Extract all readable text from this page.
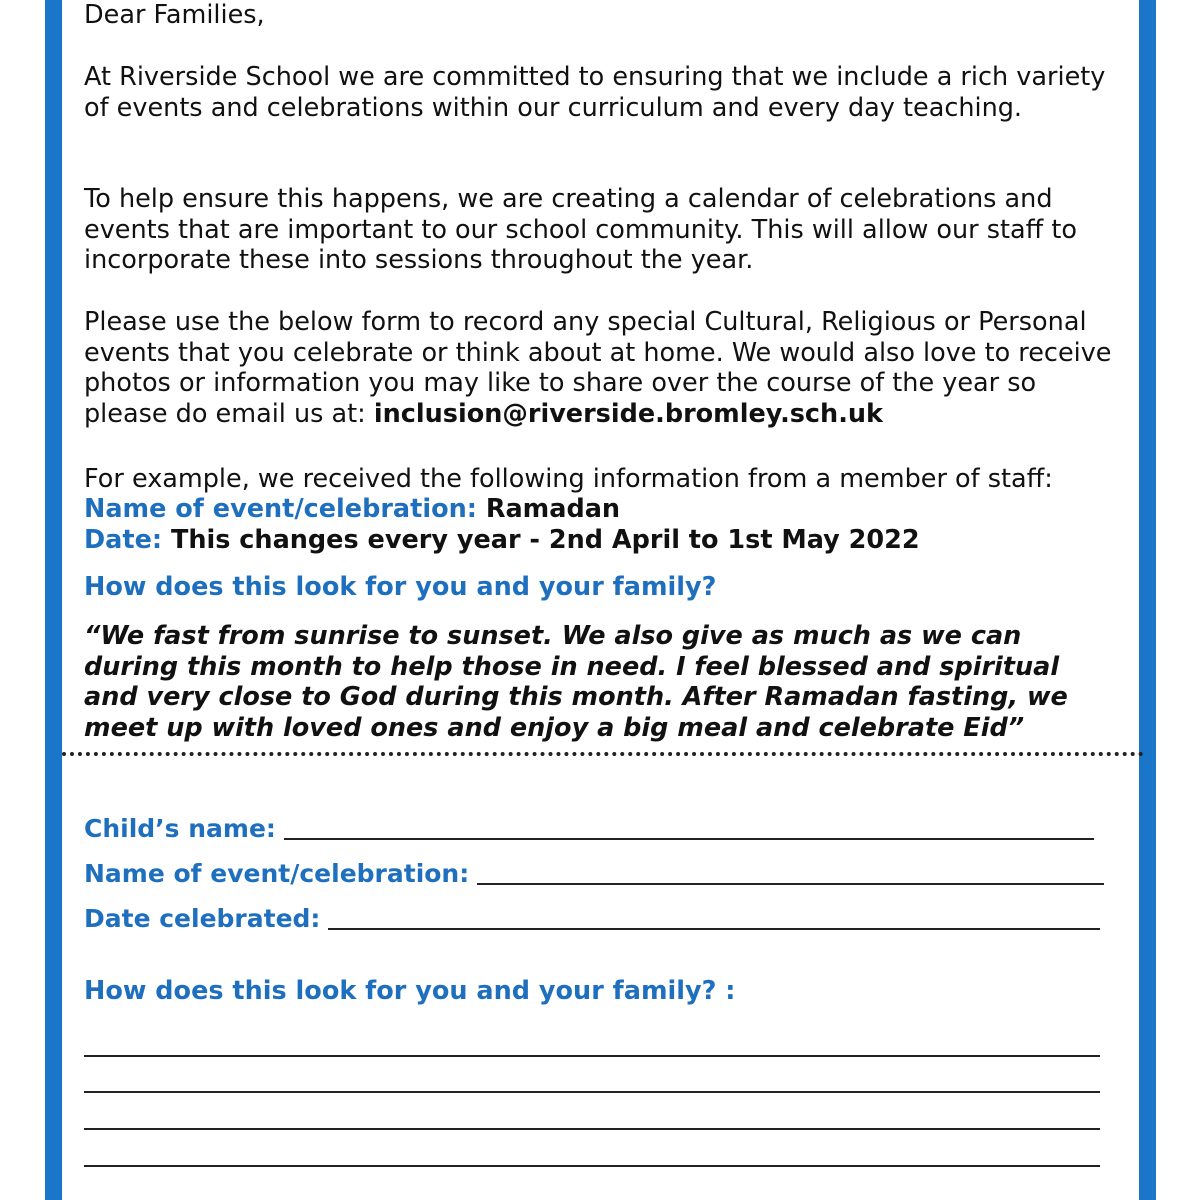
Dear Families,

At Riverside School we are committed to ensuring that we include a rich variety of events and celebrations within our curriculum and every day teaching.

To help ensure this happens, we are creating a calendar of celebrations and events that are important to our school community. This will allow our staff to incorporate these into sessions throughout the year.

Please use the below form to record any special Cultural, Religious or Personal events that you celebrate or think about at home. We would also love to receive photos or information you may like to share over the course of the year so please do email us at: inclusion@riverside.bromley.sch.uk

For example, we received the following information from a member of staff:

Name of event/celebration: Ramadan
Date: This changes every year - 2nd April to 1st May 2022
How does this look for you and your family?
“We fast from sunrise to sunset. We also give as much as we can during this month to help those in need. I feel blessed and spiritual and very close to God during this month. After Ramadan fasting, we meet up with loved ones and enjoy a big meal and celebrate Eid”
Child’s name:
Name of event/celebration:
Date celebrated:
How does this look for you and your family? :
